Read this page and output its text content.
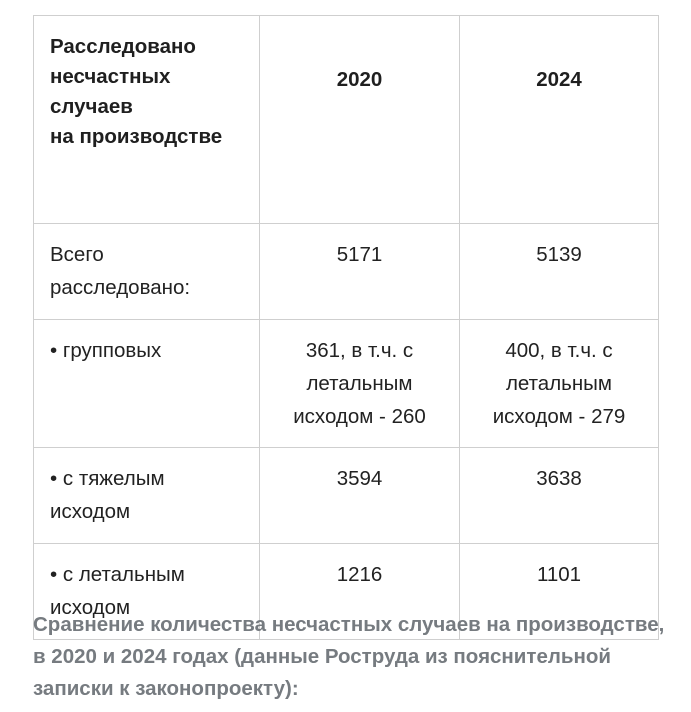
Расследовано
несчастных
случаев
на производстве	2020	2024
Всего расследовано:	5171	5139
• групповых	361, в т.ч. с летальным исходом - 260	400, в т.ч. с летальным исходом - 279
• с тяжелым исходом	3594	3638
• с летальным исходом	1216	1101
Сравнение количества несчастных случаев на производстве, в 2020 и 2024 годах (данные Роструда из пояснительной записки к законопроекту):
